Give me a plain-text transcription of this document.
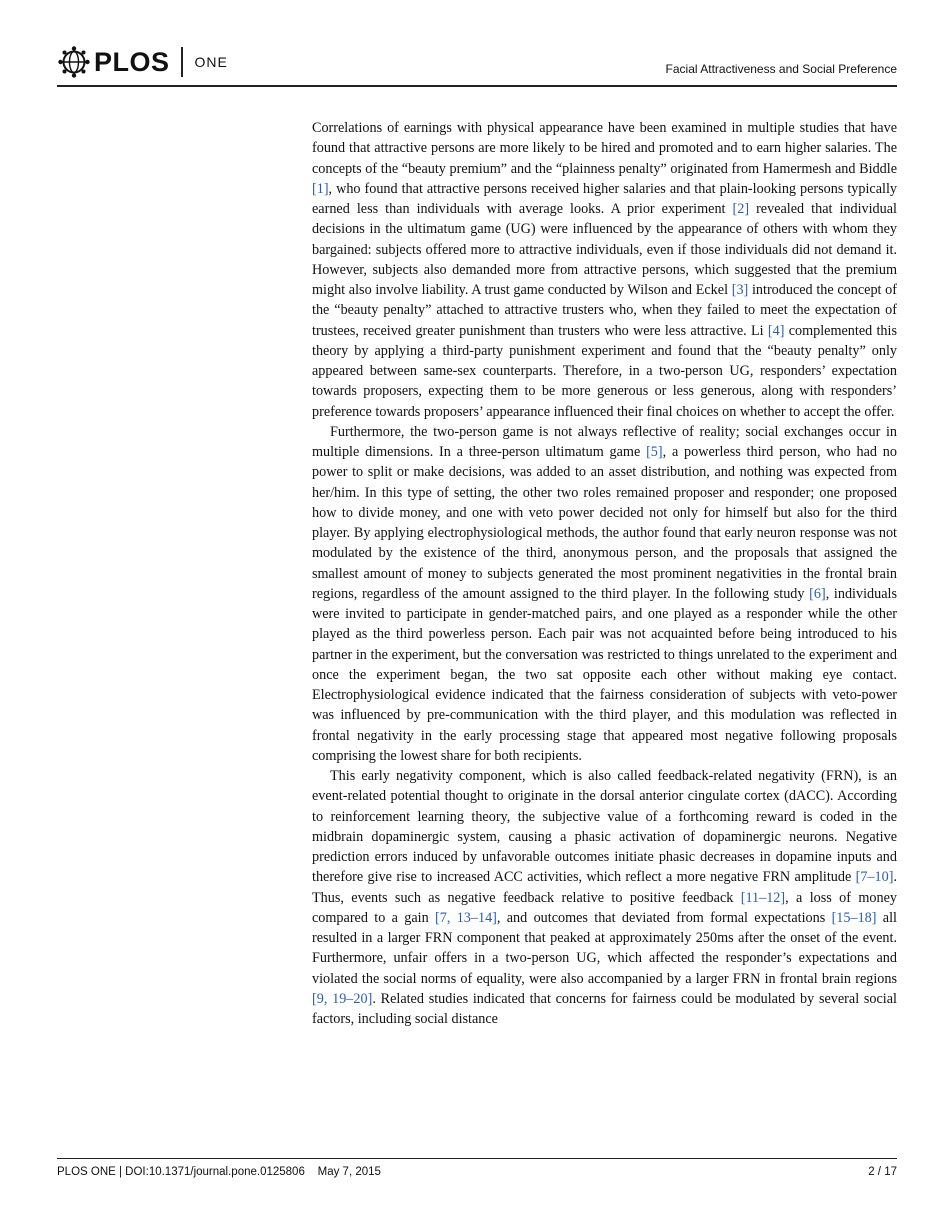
PLOS ONE	Facial Attractiveness and Social Preference

Correlations of earnings with physical appearance have been examined in multiple studies that have found that attractive persons are more likely to be hired and promoted and to earn higher salaries. The concepts of the “beauty premium” and the “plainness penalty” originated from Hamermesh and Biddle [1], who found that attractive persons received higher salaries and that plain-looking persons typically earned less than individuals with average looks. A prior experiment [2] revealed that individual decisions in the ultimatum game (UG) were influenced by the appearance of others with whom they bargained: subjects offered more to attractive individuals, even if those individuals did not demand it. However, subjects also demanded more from attractive persons, which suggested that the premium might also involve liability. A trust game conducted by Wilson and Eckel [3] introduced the concept of the “beauty penalty” attached to attractive trusters who, when they failed to meet the expectation of trustees, received greater punishment than trusters who were less attractive. Li [4] complemented this theory by applying a third-party punishment experiment and found that the “beauty penalty” only appeared between same-sex counterparts. Therefore, in a two-person UG, responders’ expectation towards proposers, expecting them to be more generous or less generous, along with responders’ preference towards proposers’ appearance influenced their final choices on whether to accept the offer.

Furthermore, the two-person game is not always reflective of reality; social exchanges occur in multiple dimensions. In a three-person ultimatum game [5], a powerless third person, who had no power to split or make decisions, was added to an asset distribution, and nothing was expected from her/him. In this type of setting, the other two roles remained proposer and responder; one proposed how to divide money, and one with veto power decided not only for himself but also for the third player. By applying electrophysiological methods, the author found that early neuron response was not modulated by the existence of the third, anonymous person, and the proposals that assigned the smallest amount of money to subjects generated the most prominent negativities in the frontal brain regions, regardless of the amount assigned to the third player. In the following study [6], individuals were invited to participate in gender-matched pairs, and one played as a responder while the other played as the third powerless person. Each pair was not acquainted before being introduced to his partner in the experiment, but the conversation was restricted to things unrelated to the experiment and once the experiment began, the two sat opposite each other without making eye contact. Electrophysiological evidence indicated that the fairness consideration of subjects with veto-power was influenced by pre-communication with the third player, and this modulation was reflected in frontal negativity in the early processing stage that appeared most negative following proposals comprising the lowest share for both recipients.

This early negativity component, which is also called feedback-related negativity (FRN), is an event-related potential thought to originate in the dorsal anterior cingulate cortex (dACC). According to reinforcement learning theory, the subjective value of a forthcoming reward is coded in the midbrain dopaminergic system, causing a phasic activation of dopaminergic neurons. Negative prediction errors induced by unfavorable outcomes initiate phasic decreases in dopamine inputs and therefore give rise to increased ACC activities, which reflect a more negative FRN amplitude [7–10]. Thus, events such as negative feedback relative to positive feedback [11–12], a loss of money compared to a gain [7, 13–14], and outcomes that deviated from formal expectations [15–18] all resulted in a larger FRN component that peaked at approximately 250ms after the onset of the event. Furthermore, unfair offers in a two-person UG, which affected the responder’s expectations and violated the social norms of equality, were also accompanied by a larger FRN in frontal brain regions [9, 19–20]. Related studies indicated that concerns for fairness could be modulated by several social factors, including social distance

PLOS ONE | DOI:10.1371/journal.pone.0125806    May 7, 2015	2 / 17
